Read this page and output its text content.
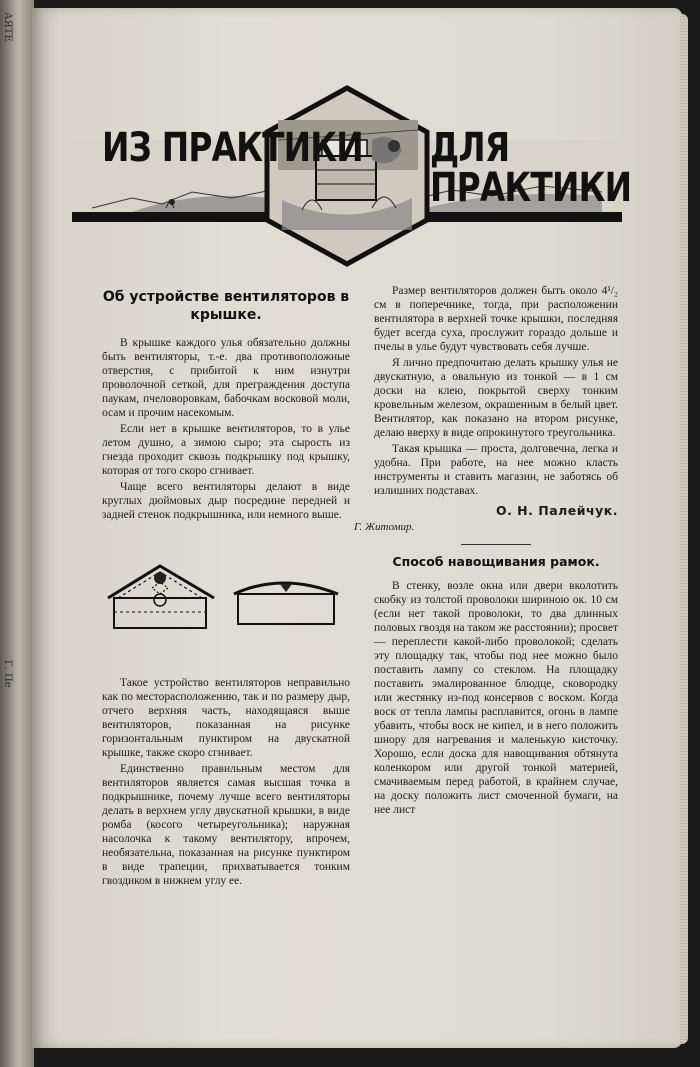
АЯТЕ
Г. Пе
ИЗ ПРАКТИКИ ДЛЯ ПРАКТИКИ
Об устройстве вентиляторов в крышке.

В крышке каждого улья обязательно должны быть вентиляторы, т.-е. два противоположные отверстия, с прибитой к ним изнутри проволочной сеткой, для преграждения доступа паукам, пчеловоровкам, бабочкам восковой моли, осам и прочим насекомым.

Если нет в крышке вентиляторов, то в улье летом душно, а зимою сыро; эта сырость из гнезда проходит сквозь подкрышку под крышку, которая от того скоро сгнивает.

Чаще всего вентиляторы делают в виде круглых дюймовых дыр посредине передней и задней стенок подкрышника, или немного выше.

Такое устройство вентиляторов неправильно как по месторасположению, так и по размеру дыр, отчего верхняя часть, находящаяся выше вентиляторов, показанная на рисунке горизонтальным пунктиром на двускатной крышке, также скоро сгнивает.

Единственно правильным местом для вентиляторов является самая высшая точка в подкрышнике, почему лучше всего вентиляторы делать в верхнем углу двускатной крышки, в виде ромба (косого четыреугольника); наружная насолочка к такому вентилятору, впрочем, необязательна, показанная на рисунке пунктиром в виде трапеции, прихватывается тонким гвоздиком в нижнем углу ее.

Размер вентиляторов должен быть около 4¹/₂ см в поперечнике, тогда, при расположении вентилятора в верхней точке крышки, последняя будет всегда суха, прослужит гораздо дольше и пчелы в улье будут чувствовать себя лучше.

Я лично предпочитаю делать крышку улья не двускатную, а овальную из тонкой — в 1 см доски на клею, покрытой сверху тонким кровельным железом, окрашенным в белый цвет. Вентилятор, как показано на втором рисунке, делаю вверху в виде опрокинутого треугольника.

Такая крышка — проста, долговечна, легка и удобна. При работе, на нее можно класть инструменты и ставить магазин, не заботясь об излишних подставах.

О. Н. Палейчук.
Г. Житомир.
Способ навощивания рамок.

В стенку, возле окна или двери вколотить скобку из толстой проволоки шириною ок. 10 см (если нет такой проволоки, то два длинных половых гвоздя на таком же расстоянии); просвет — переплести какой-либо проволокой; сделать эту площадку так, чтобы под нее можно было поставить лампу со стеклом. На площадку поставить эмалированное блюдце, сковородку или жестянку из-под консервов с воском. Когда воск от тепла лампы расплавится, огонь в лампе убавить, чтобы воск не кипел, и в него положить шнору для нагревания и маленькую кисточку. Хорошо, если доска для навощивания обтянута коленкором или другой тонкой материей, смачиваемым перед работой, в крайнем случае, на доску положить лист смоченной бумаги, на нее лист
